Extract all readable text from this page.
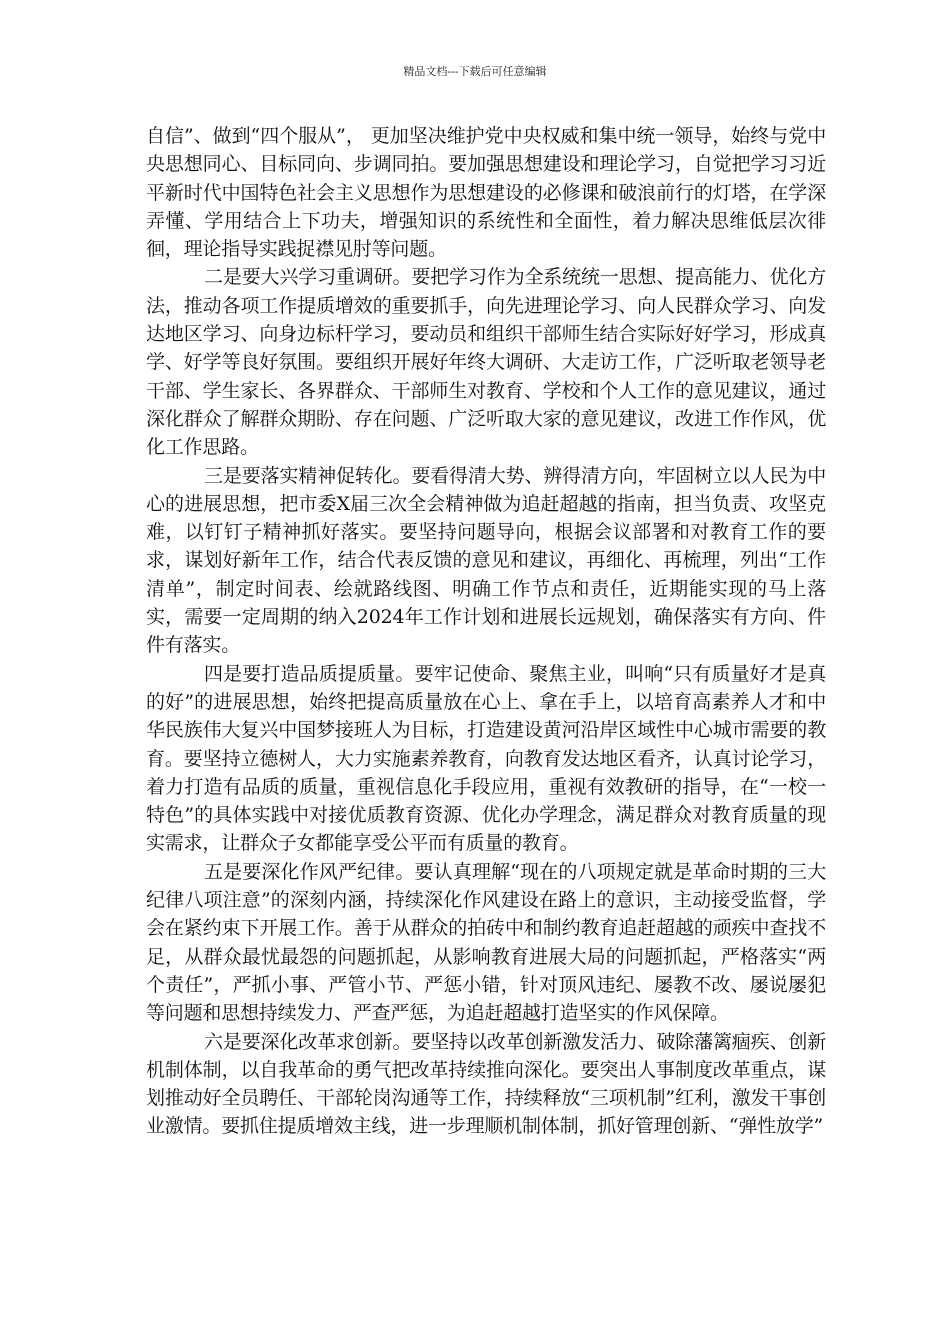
精品文档---下载后可任意编辑

自信”、做到“四个服从”， 更加坚决维护党中央权威和集中统一领导，始终与党中央思想同心、目标同向、步调同拍。要加强思想建设和理论学习，自觉把学习习近平新时代中国特色社会主义思想作为思想建设的必修课和破浪前行的灯塔，在学深弄懂、学用结合上下功夫，增强知识的系统性和全面性，着力解决思维低层次徘徊，理论指导实践捉襟见肘等问题。

二是要大兴学习重调研。要把学习作为全系统统一思想、提高能力、优化方法，推动各项工作提质增效的重要抓手，向先进理论学习、向人民群众学习、向发达地区学习、向身边标杆学习，要动员和组织干部师生结合实际好好学习，形成真学、好学等良好氛围。要组织开展好年终大调研、大走访工作，广泛听取老领导老干部、学生家长、各界群众、干部师生对教育、学校和个人工作的意见建议，通过深化群众了解群众期盼、存在问题、广泛听取大家的意见建议，改进工作作风，优化工作思路。

三是要落实精神促转化。要看得清大势、辨得清方向，牢固树立以人民为中心的进展思想，把市委X届三次全会精神做为追赶超越的指南，担当负责、攻坚克难，以钉钉子精神抓好落实。要坚持问题导向，根据会议部署和对教育工作的要求，谋划好新年工作，结合代表反馈的意见和建议，再细化、再梳理，列出“工作清单”，制定时间表、绘就路线图、明确工作节点和责任，近期能实现的马上落实，需要一定周期的纳入2024年工作计划和进展长远规划，确保落实有方向、件件有落实。

四是要打造品质提质量。要牢记使命、聚焦主业，叫响“只有质量好才是真的好”的进展思想，始终把提高质量放在心上、拿在手上，以培育高素养人才和中华民族伟大复兴中国梦接班人为目标，打造建设黄河沿岸区域性中心城市需要的教育。要坚持立德树人，大力实施素养教育，向教育发达地区看齐，认真讨论学习，着力打造有品质的质量，重视信息化手段应用，重视有效教研的指导，在“一校一特色”的具体实践中对接优质教育资源、优化办学理念，满足群众对教育质量的现实需求，让群众子女都能享受公平而有质量的教育。

五是要深化作风严纪律。要认真理解“现在的八项规定就是革命时期的三大纪律八项注意”的深刻内涵，持续深化作风建设在路上的意识，主动接受监督，学会在紧约束下开展工作。善于从群众的拍砖中和制约教育追赶超越的顽疾中查找不足，从群众最忧最怨的问题抓起，从影响教育进展大局的问题抓起，严格落实“两个责任”，严抓小事、严管小节、严惩小错，针对顶风违纪、屡教不改、屡说屡犯等问题和思想持续发力、严查严惩，为追赶超越打造坚实的作风保障。

六是要深化改革求创新。要坚持以改革创新激发活力、破除藩篱痼疾、创新机制体制，以自我革命的勇气把改革持续推向深化。要突出人事制度改革重点，谋划推动好全员聘任、干部轮岗沟通等工作，持续释放“三项机制”红利，激发干事创业激情。要抓住提质增效主线，进一步理顺机制体制，抓好管理创新、“弹性放学”
